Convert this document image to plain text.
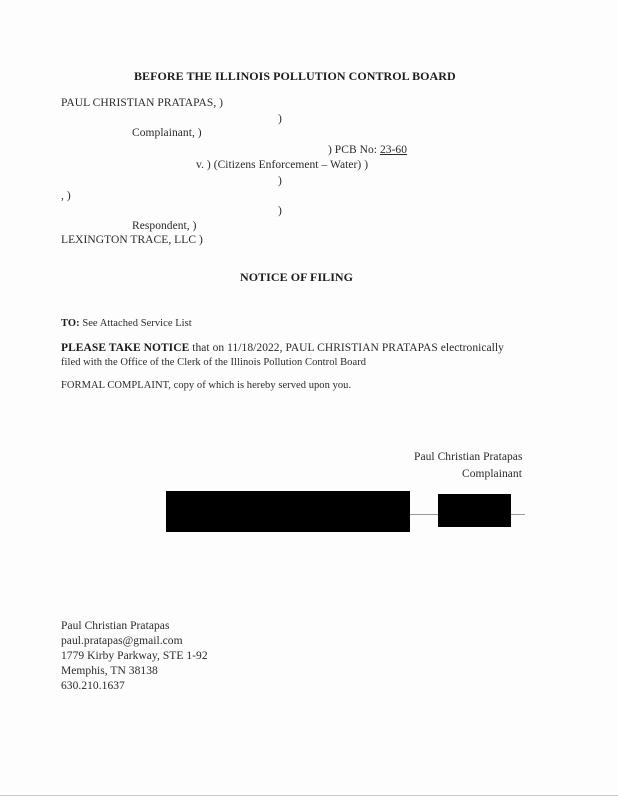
BEFORE THE ILLINOIS POLLUTION CONTROL BOARD
PAUL CHRISTIAN PRATAPAS, )
)
Complainant, )
) PCB No: 23-60
v. ) (Citizens Enforcement – Water) )
)
, )
)
Respondent, )
LEXINGTON TRACE, LLC )
NOTICE OF FILING
TO: See Attached Service List
PLEASE TAKE NOTICE that on 11/18/2022, PAUL CHRISTIAN PRATAPAS electronically
filed with the Office of the Clerk of the Illinois Pollution Control Board
FORMAL COMPLAINT, copy of which is hereby served upon you.
Paul Christian Pratapas
Complainant
Paul Christian Pratapas
paul.pratapas@gmail.com
1779 Kirby Parkway, STE 1-92
Memphis, TN 38138
630.210.1637
